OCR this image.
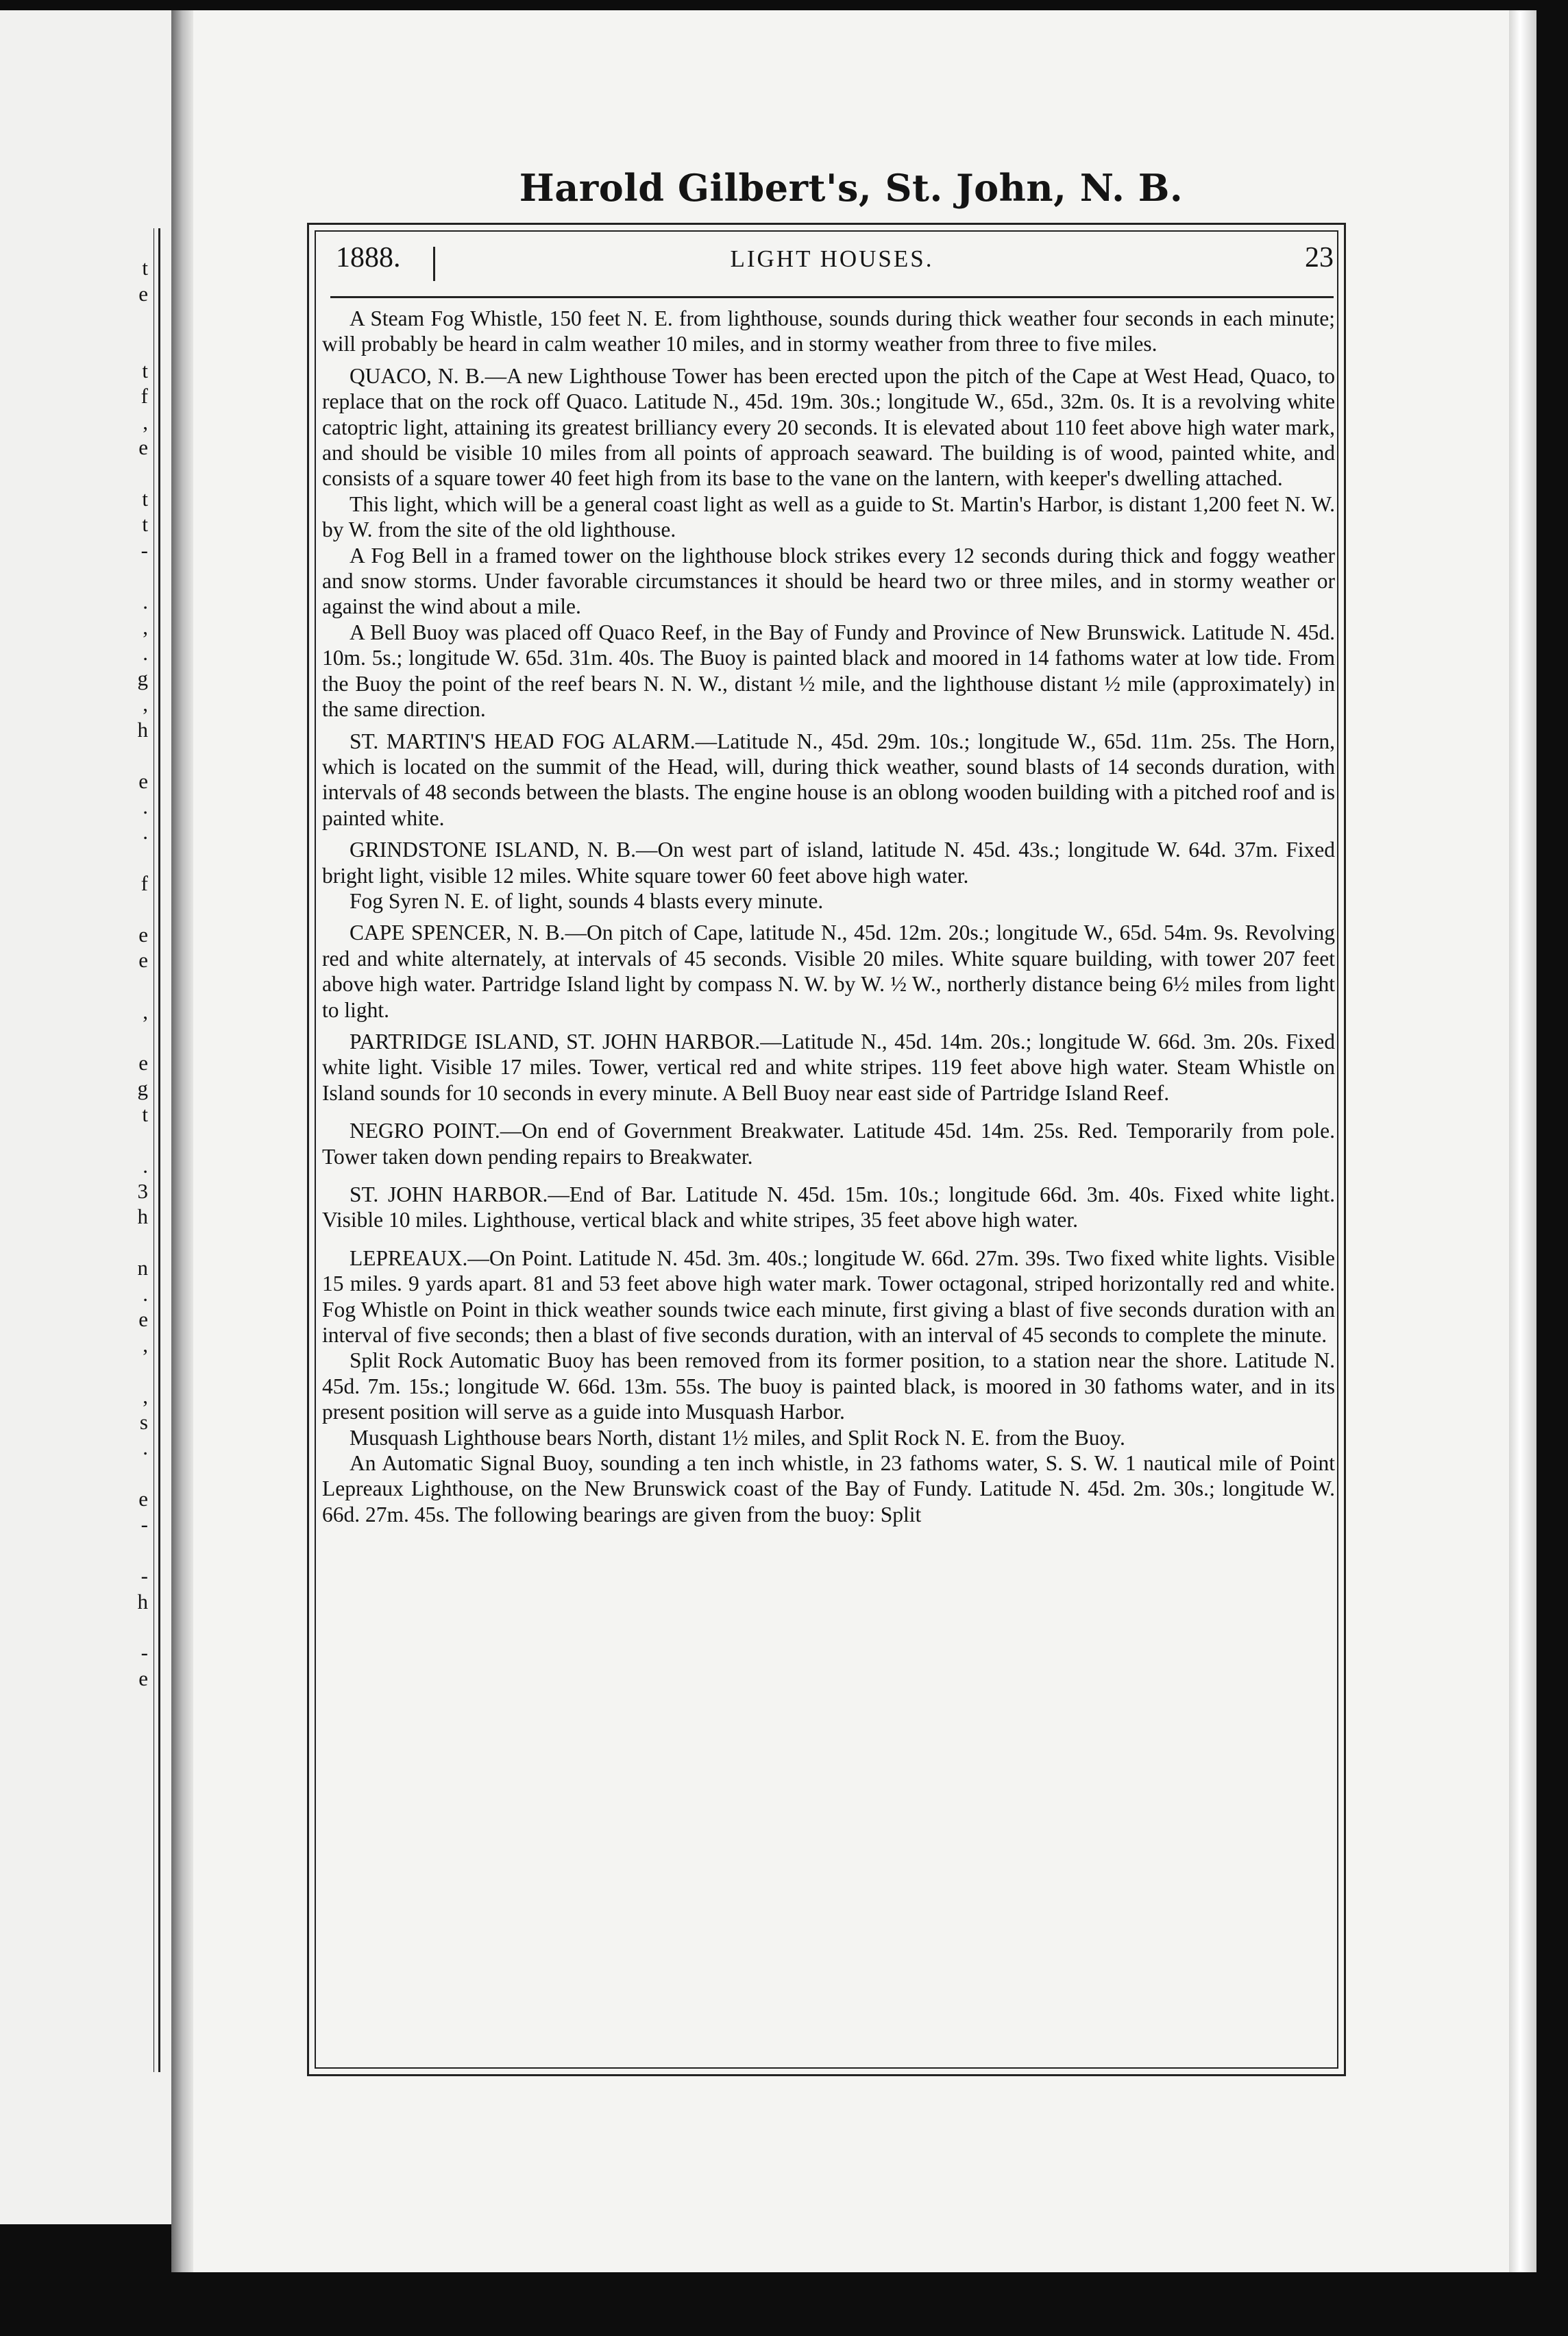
t
e

t
f
,
e

t
t
-

.
,
.
g
,
h

e
.
.

f

e
e

,

e
g
t

.
3
h

n
.
e
,

,
s
.

e
-

-
h

-
e
Harold Gilbert's, St. John, N. B.
1888.	LIGHT HOUSES.	23

A Steam Fog Whistle, 150 feet N. E. from lighthouse, sounds during thick weather four seconds in each minute; will probably be heard in calm weather 10 miles, and in stormy weather from three to five miles.

QUACO, N. B.—A new Lighthouse Tower has been erected upon the pitch of the Cape at West Head, Quaco, to replace that on the rock off Quaco. Latitude N., 45d. 19m. 30s.; longitude W., 65d., 32m. 0s. It is a revolving white catoptric light, attaining its greatest brilliancy every 20 seconds. It is elevated about 110 feet above high water mark, and should be visible 10 miles from all points of approach seaward. The building is of wood, painted white, and consists of a square tower 40 feet high from its base to the vane on the lantern, with keeper's dwelling attached.

This light, which will be a general coast light as well as a guide to St. Martin's Harbor, is distant 1,200 feet N. W. by W. from the site of the old lighthouse.

A Fog Bell in a framed tower on the lighthouse block strikes every 12 seconds during thick and foggy weather and snow storms. Under favorable circumstances it should be heard two or three miles, and in stormy weather or against the wind about a mile.

A Bell Buoy was placed off Quaco Reef, in the Bay of Fundy and Province of New Brunswick. Latitude N. 45d. 10m. 5s.; longitude W. 65d. 31m. 40s. The Buoy is painted black and moored in 14 fathoms water at low tide. From the Buoy the point of the reef bears N. N. W., distant ½ mile, and the lighthouse distant ½ mile (approximately) in the same direction.

ST. MARTIN'S HEAD FOG ALARM.—Latitude N., 45d. 29m. 10s.; longitude W., 65d. 11m. 25s. The Horn, which is located on the summit of the Head, will, during thick weather, sound blasts of 14 seconds duration, with intervals of 48 seconds between the blasts. The engine house is an oblong wooden building with a pitched roof and is painted white.

GRINDSTONE ISLAND, N. B.—On west part of island, latitude N. 45d. 43s.; longitude W. 64d. 37m. Fixed bright light, visible 12 miles. White square tower 60 feet above high water.

Fog Syren N. E. of light, sounds 4 blasts every minute.

CAPE SPENCER, N. B.—On pitch of Cape, latitude N., 45d. 12m. 20s.; longitude W., 65d. 54m. 9s. Revolving red and white alternately, at intervals of 45 seconds. Visible 20 miles. White square building, with tower 207 feet above high water. Partridge Island light by compass N. W. by W. ½ W., northerly distance being 6½ miles from light to light.

PARTRIDGE ISLAND, ST. JOHN HARBOR.—Latitude N., 45d. 14m. 20s.; longitude W. 66d. 3m. 20s. Fixed white light. Visible 17 miles. Tower, vertical red and white stripes. 119 feet above high water. Steam Whistle on Island sounds for 10 seconds in every minute. A Bell Buoy near east side of Partridge Island Reef.

NEGRO POINT.—On end of Government Breakwater. Latitude 45d. 14m. 25s. Red. Temporarily from pole. Tower taken down pending repairs to Breakwater.

ST. JOHN HARBOR.—End of Bar. Latitude N. 45d. 15m. 10s.; longitude 66d. 3m. 40s. Fixed white light. Visible 10 miles. Lighthouse, vertical black and white stripes, 35 feet above high water.

LEPREAUX.—On Point. Latitude N. 45d. 3m. 40s.; longitude W. 66d. 27m. 39s. Two fixed white lights. Visible 15 miles. 9 yards apart. 81 and 53 feet above high water mark. Tower octagonal, striped horizontally red and white. Fog Whistle on Point in thick weather sounds twice each minute, first giving a blast of five seconds duration with an interval of five seconds; then a blast of five seconds duration, with an interval of 45 seconds to complete the minute.

Split Rock Automatic Buoy has been removed from its former position, to a station near the shore. Latitude N. 45d. 7m. 15s.; longitude W. 66d. 13m. 55s. The buoy is painted black, is moored in 30 fathoms water, and in its present position will serve as a guide into Musquash Harbor.

Musquash Lighthouse bears North, distant 1½ miles, and Split Rock N. E. from the Buoy.

An Automatic Signal Buoy, sounding a ten inch whistle, in 23 fathoms water, S. S. W. 1 nautical mile of Point Lepreaux Lighthouse, on the New Brunswick coast of the Bay of Fundy. Latitude N. 45d. 2m. 30s.; longitude W. 66d. 27m. 45s. The following bearings are given from the buoy: Split
